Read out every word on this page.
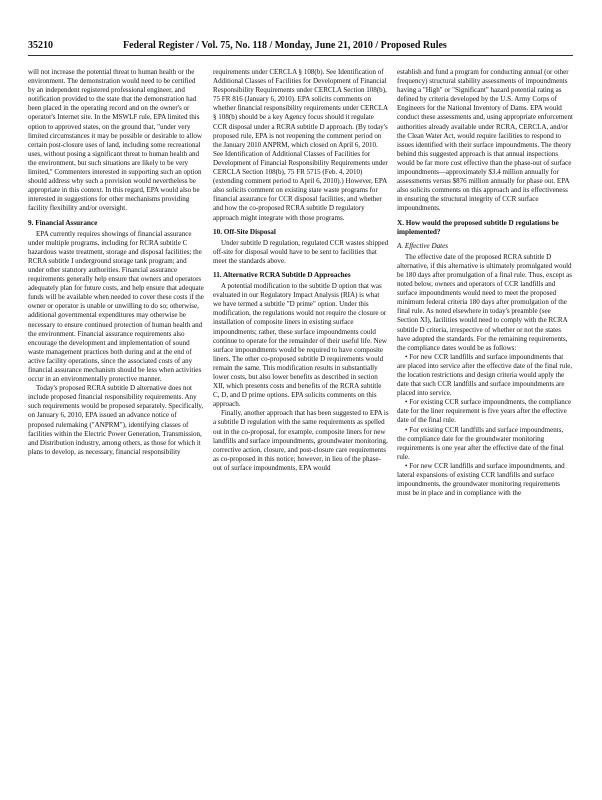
35210	Federal Register / Vol. 75, No. 118 / Monday, June 21, 2010 / Proposed Rules

will not increase the potential threat to human health or the environment. The demonstration would need to be certified by an independent registered professional engineer, and notification provided to the state that the demonstration had been placed in the operating record and on the owner's or operator's Internet site. In the MSWLF rule, EPA limited this option to approved states, on the ground that, "under very limited circumstances it may be possible or desirable to allow certain post-closure uses of land, including some recreational uses, without posing a significant threat to human health and the environment, but such situations are likely to be very limited," Commenters interested in supporting such an option should address why such a provision would nevertheless be appropriate in this context. In this regard, EPA would also be interested in suggestions for other mechanisms providing facility flexibility and/or oversight.

9. Financial Assurance

EPA currently requires showings of financial assurance under multiple programs, including for RCRA subtitle C hazardous waste treatment, storage and disposal facilities; the RCRA subtitle I underground storage tank program; and under other statutory authorities. Financial assurance requirements generally help ensure that owners and operators adequately plan for future costs, and help ensure that adequate funds will be available when needed to cover these costs if the owner or operator is unable or unwilling to do so; otherwise, additional governmental expenditures may otherwise be necessary to ensure continued protection of human health and the environment. Financial assurance requirements also encourage the development and implementation of sound waste management practices both during and at the end of active facility operations, since the associated costs of any financial assurance mechanism should be less when activities occur in an environmentally protective manner.

Today's proposed RCRA subtitle D alternative does not include proposed financial responsibility requirements. Any such requirements would be proposed separately. Specifically, on January 6, 2010, EPA issued an advance notice of proposed rulemaking ("ANPRM"), identifying classes of facilities within the Electric Power Generation, Transmission, and Distribution industry, among others, as those for which it plans to develop, as necessary, financial responsibility

requirements under CERCLA § 108(b). See Identification of Additional Classes of Facilities for Development of Financial Responsibility Requirements under CERCLA Section 108(b), 75 FR 816 (January 6, 2010). EPA solicits comments on whether financial responsibility requirements under CERCLA § 108(b) should be a key Agency focus should it regulate CCR disposal under a RCRA subtitle D approach. (By today's proposed rule, EPA is not reopening the comment period on the January 2010 ANPRM, which closed on April 6, 2010. See Identification of Additional Classes of Facilities for Development of Financial Responsibility Requirements under CERCLA Section 108(b), 75 FR 5715 (Feb. 4, 2010) (extending comment period to April 6, 2010).) However, EPA also solicits comment on existing state waste programs for financial assurance for CCR disposal facilities, and whether and how the co-proposed RCRA subtitle D regulatory approach might integrate with those programs.

10. Off-Site Disposal

Under subtitle D regulation, regulated CCR wastes shipped off-site for disposal would have to be sent to facilities that meet the standards above.

11. Alternative RCRA Subtitle D Approaches

A potential modification to the subtitle D option that was evaluated in our Regulatory Impact Analysis (RIA) is what we have termed a subtitle "D prime" option. Under this modification, the regulations would not require the closure or installation of composite liners in existing surface impoundments; rather, these surface impoundments could continue to operate for the remainder of their useful life. New surface impoundments would be required to have composite liners. The other co-proposed subtitle D requirements would remain the same. This modification results in substantially lower costs, but also lower benefits as described in section XII, which presents costs and benefits of the RCRA subtitle C, D, and D prime options. EPA solicits comments on this approach.

Finally, another approach that has been suggested to EPA is a subtitle D regulation with the same requirements as spelled out in the co-proposal, for example, composite liners for new landfills and surface impoundments, groundwater monitoring, corrective action, closure, and post-closure care requirements as co-proposed in this notice; however, in lieu of the phase-out of surface impoundments, EPA would

establish and fund a program for conducting annual (or other frequency) structural stability assessments of impoundments having a "High" or "Significant" hazard potential rating as defined by criteria developed by the U.S. Army Corps of Engineers for the National Inventory of Dams. EPA would conduct these assessments and, using appropriate enforcement authorities already available under RCRA, CERCLA, and/or the Clean Water Act, would require facilities to respond to issues identified with their surface impoundments. The theory behind this suggested approach is that annual inspections would be far more cost effective than the phase-out of surface impoundments—approximately $3.4 million annually for assessments versus $876 million annually for phase out. EPA also solicits comments on this approach and its effectiveness in ensuring the structural integrity of CCR surface impoundments.

X. How would the proposed subtitle D regulations be implemented?
A. Effective Dates

The effective date of the proposed RCRA subtitle D alternative, if this alternative is ultimately promulgated would be 180 days after promulgation of a final rule. Thus, except as noted below, owners and operators of CCR landfills and surface impoundments would need to meet the proposed minimum federal criteria 180 days after promulgation of the final rule. As noted elsewhere in today's preamble (see Section XI), facilities would need to comply with the RCRA subtitle D criteria, irrespective of whether or not the states have adopted the standards. For the remaining requirements, the compliance dates would be as follows:

• For new CCR landfills and surface impoundments that are placed into service after the effective date of the final rule, the location restrictions and design criteria would apply the date that such CCR landfills and surface impoundments are placed into service.

• For existing CCR surface impoundments, the compliance date for the liner requirement is five years after the effective date of the final rule.

• For existing CCR landfills and surface impoundments, the compliance date for the groundwater monitoring requirements is one year after the effective date of the final rule.

• For new CCR landfills and surface impoundments, and lateral expansions of existing CCR landfills and surface impoundments, the groundwater monitoring requirements must be in place and in compliance with the
